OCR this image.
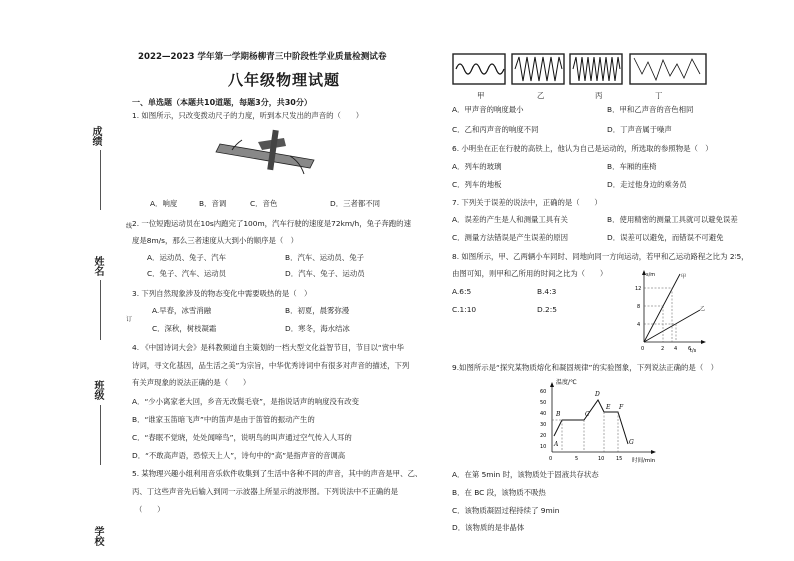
成绩
姓名
班级
学校
线
订
2022—2023 学年第一学期杨柳青三中阶段性学业质量检测试卷
八年级物理试题
一、单选题（本题共10道题，每题3分，共30分）
1. 如图所示，只改变拨动尺子的力度，听到本尺发出的声音的（　　）
A．响度	B．音调	C．音色	D．三者都不同
2. 一位短跑运动员在10s内跑完了100m，汽车行驶的速度是72km/h，兔子奔跑的速
度是8m/s，那么三者速度从大到小的顺序是（　）
A．运动员、兔子、汽车	B．汽车、运动员、兔子
C．兔子、汽车、运动员	D．汽车、兔子、运动员
3. 下列自然现象涉及的物态变化中需要吸热的是（　）
A.早春，冰雪消融	B．初夏，晨雾弥漫
C．深秋，树枝凝霜	D．寒冬，海水结冰
4. 《中国诗词大会》是科教频道自主策划的一档大型文化益智节目，节目以“赏中华
诗词，寻文化基因，品生活之美”为宗旨，中华优秀诗词中有很多对声音的描述，下列
有关声现象的说法正确的是（　　）
A．“少小离家老大回，乡音无改鬓毛衰”，是指说话声的响度没有改变
B．“谁家玉笛暗飞声”中的笛声是由于笛管的振动产生的
C．“春眠不觉晓，处处闻啼鸟”，说明鸟的叫声通过空气传入人耳的
D．“不敢高声语，恐惊天上人”，诗句中的“高”是指声音的音调高
5. 某物理兴趣小组利用音乐软件收集到了生活中各种不同的声音，其中的声音是甲、乙、
丙、丁这些声音先后输入到同一示波器上所显示的波形图。下列说法中不正确的是
（　　）
甲	乙	丙	丁
A．甲声音的响度最小	B．甲和乙声音的音色相同
C．乙和丙声音的响度不同	D．丁声音属于噪声
6. 小明坐在正在行驶的高铁上，他认为自己是运动的，所选取的参照物是（　）
A．列车的玻璃	B．车厢的座椅
C．列车的地板	D．走过他身边的乘务员
7. 下列关于误差的说法中，正确的是（　　）
A．误差的产生是人和测量工具有关	B．使用精密的测量工具就可以避免误差
C．测量方法错误是产生误差的原因	D．误差可以避免，而错误不可避免
8. 如图所示，甲、乙两辆小车同时、同地向同一方向运动，若甲和乙运动路程之比为 2∶5，
由图可知，则甲和乙所用的时间之比为（　　）
A.6:5	B.4:3
C.1:10	D.2:5
s/m
t/s
12
8
4
0	2 4 6
甲
乙
9.如图所示是“探究某物质熔化和凝固规律”的实验图象，下列说法正确的是（　）
温度/℃
时间/min
60
50
40
30
20
10
0	5	10 15
A
B	C
D
E F
G
A．在第 5min 时，该物质处于固液共存状态
B．在 BC 段，该物质不吸热
C．该物质凝固过程持续了 9min
D．该物质的是非晶体
